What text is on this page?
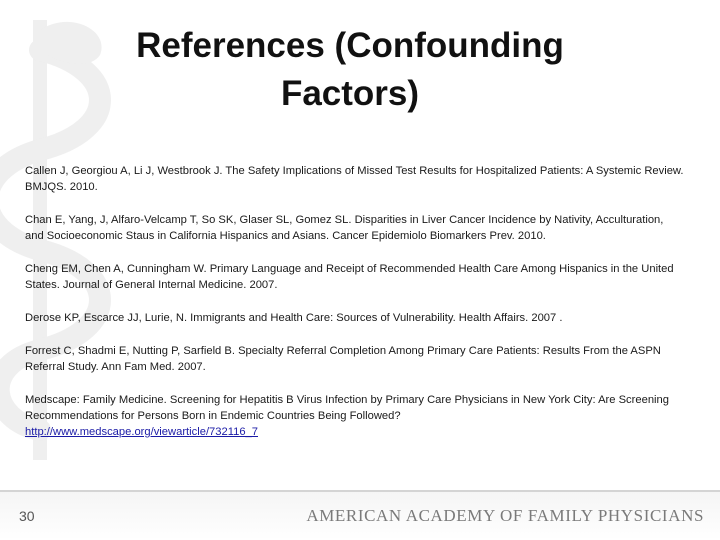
References (Confounding
Factors)
Callen J, Georgiou A, Li J, Westbrook J. The Safety Implications of Missed Test Results for Hospitalized Patients: A Systemic Review. BMJQS. 2010.
Chan E, Yang, J, Alfaro-Velcamp T, So SK, Glaser SL, Gomez SL. Disparities in Liver Cancer Incidence by Nativity, Acculturation, and Socioeconomic Staus in California Hispanics and Asians. Cancer Epidemiolo Biomarkers Prev. 2010.
Cheng EM, Chen A, Cunningham W. Primary Language and Receipt of Recommended Health Care Among Hispanics in the United States. Journal of General Internal Medicine. 2007.
Derose KP, Escarce JJ, Lurie, N. Immigrants and Health Care: Sources of Vulnerability. Health Affairs. 2007 .
Forrest C, Shadmi E, Nutting P, Sarfield B. Specialty Referral Completion Among Primary Care Patients: Results From the ASPN Referral Study. Ann Fam Med. 2007.
Medscape: Family Medicine. Screening for Hepatitis B Virus Infection by Primary Care Physicians in New York City: Are Screening Recommendations for Persons Born in Endemic Countries Being Followed?
http://www.medscape.org/viewarticle/732116_7
30	AMERICAN ACADEMY OF FAMILY PHYSICIANS
